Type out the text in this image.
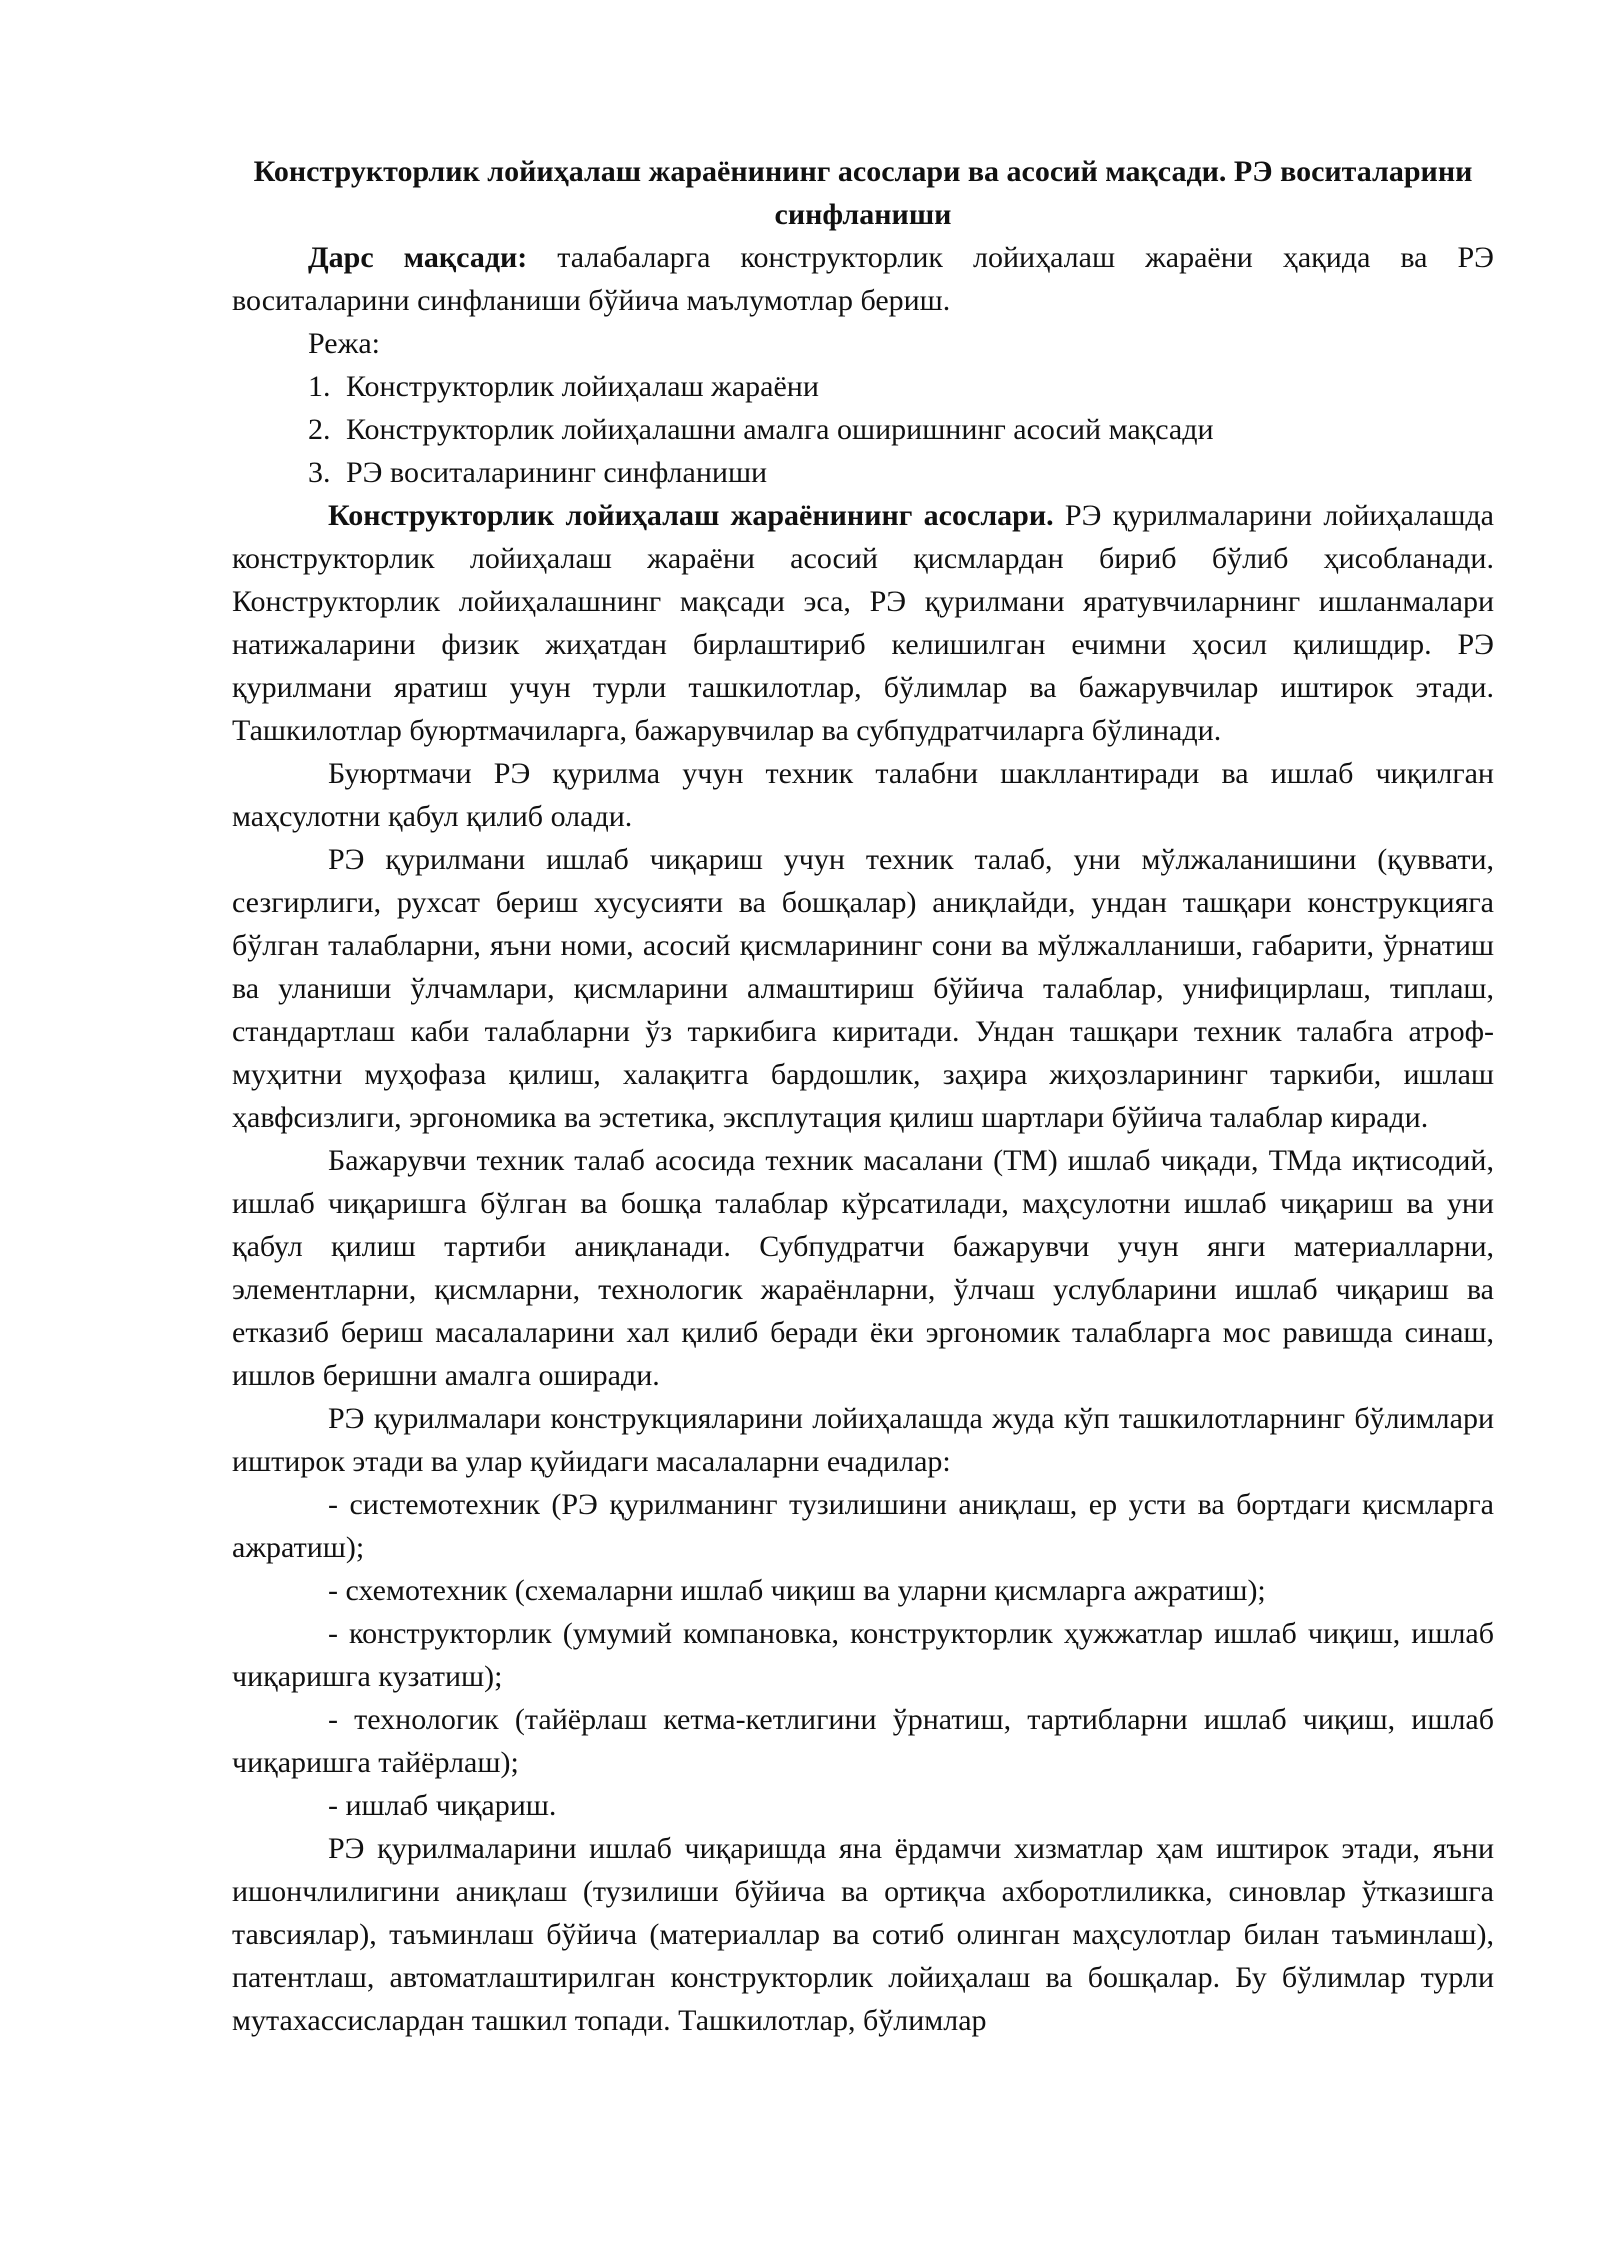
Конструкторлик лойиҳалаш жараёнининг асослари ва асосий мақсади. РЭ воситаларини синфланиши

Дарс мақсади: талабаларга конструкторлик лойиҳалаш жараёни ҳақида ва РЭ воситаларини синфланиши бўйича маълумотлар бериш.

Режа:
1. Конструкторлик лойиҳалаш жараёни
2. Конструкторлик лойиҳалашни амалга оширишнинг асосий мақсади
3. РЭ воситаларининг синфланиши

Конструкторлик лойиҳалаш жараёнининг асослари. РЭ қурилмаларини лойиҳалашда конструкторлик лойиҳалаш жараёни асосий қисмлардан бириб бўлиб ҳисобланади. Конструкторлик лойиҳалашнинг мақсади эса, РЭ қурилмани яратувчиларнинг ишланмалари натижаларини физик жиҳатдан бирлаштириб келишилган ечимни ҳосил қилишдир. РЭ қурилмани яратиш учун турли ташкилотлар, бўлимлар ва бажарувчилар иштирок этади. Ташкилотлар буюртмачиларга, бажарувчилар ва субпудратчиларга бўлинади.

Буюртмачи РЭ қурилма учун техник талабни шакллантиради ва ишлаб чиқилган маҳсулотни қабул қилиб олади.

РЭ қурилмани ишлаб чиқариш учун техник талаб, уни мўлжаланишини (қуввати, сезгирлиги, рухсат бериш хусусияти ва бошқалар) аниқлайди, ундан ташқари конструкцияга бўлган талабларни, яъни номи, асосий қисмларининг сони ва мўлжалланиши, габарити, ўрнатиш ва уланиши ўлчамлари, қисмларини алмаштириш бўйича талаблар, унифицирлаш, типлаш, стандартлаш каби талабларни ўз таркибига киритади. Ундан ташқари техник талабга атроф-муҳитни муҳофаза қилиш, халақитга бардошлик, заҳира жиҳозларининг таркиби, ишлаш ҳавфсизлиги, эргономика ва эстетика, эксплутация қилиш шартлари бўйича талаблар киради.

Бажарувчи техник талаб асосида техник масалани (ТМ) ишлаб чиқади, ТМда иқтисодий, ишлаб чиқаришга бўлган ва бошқа талаблар кўрсатилади, маҳсулотни ишлаб чиқариш ва уни қабул қилиш тартиби аниқланади. Субпудратчи бажарувчи учун янги материалларни, элементларни, қисмларни, технологик жараёнларни, ўлчаш услубларини ишлаб чиқариш ва етказиб бериш масалаларини хал қилиб беради ёки эргономик талабларга мос равишда синаш, ишлов беришни амалга оширади.

РЭ қурилмалари конструкцияларини лойиҳалашда жуда кўп ташкилотларнинг бўлимлари иштирок этади ва улар қуйидаги масалаларни ечадилар:

- системотехник (РЭ қурилманинг тузилишини аниқлаш, ер усти ва бортдаги қисмларга ажратиш);

- схемотехник (схемаларни ишлаб чиқиш ва уларни қисмларга ажратиш);

- конструкторлик (умумий компановка, конструкторлик ҳужжатлар ишлаб чиқиш, ишлаб чиқаришга кузатиш);

- технологик (тайёрлаш кетма-кетлигини ўрнатиш, тартибларни ишлаб чиқиш, ишлаб чиқаришга тайёрлаш);

- ишлаб чиқариш.

РЭ қурилмаларини ишлаб чиқаришда яна ёрдамчи хизматлар ҳам иштирок этади, яъни ишончлилигини аниқлаш (тузилиши бўйича ва ортиқча ахборотлиликка, синовлар ўтказишга тавсиялар), таъминлаш бўйича (материаллар ва сотиб олинган маҳсулотлар билан таъминлаш), патентлаш, автоматлаштирилган конструкторлик лойиҳалаш ва бошқалар. Бу бўлимлар турли мутахассислардан ташкил топади. Ташкилотлар, бўлимлар
